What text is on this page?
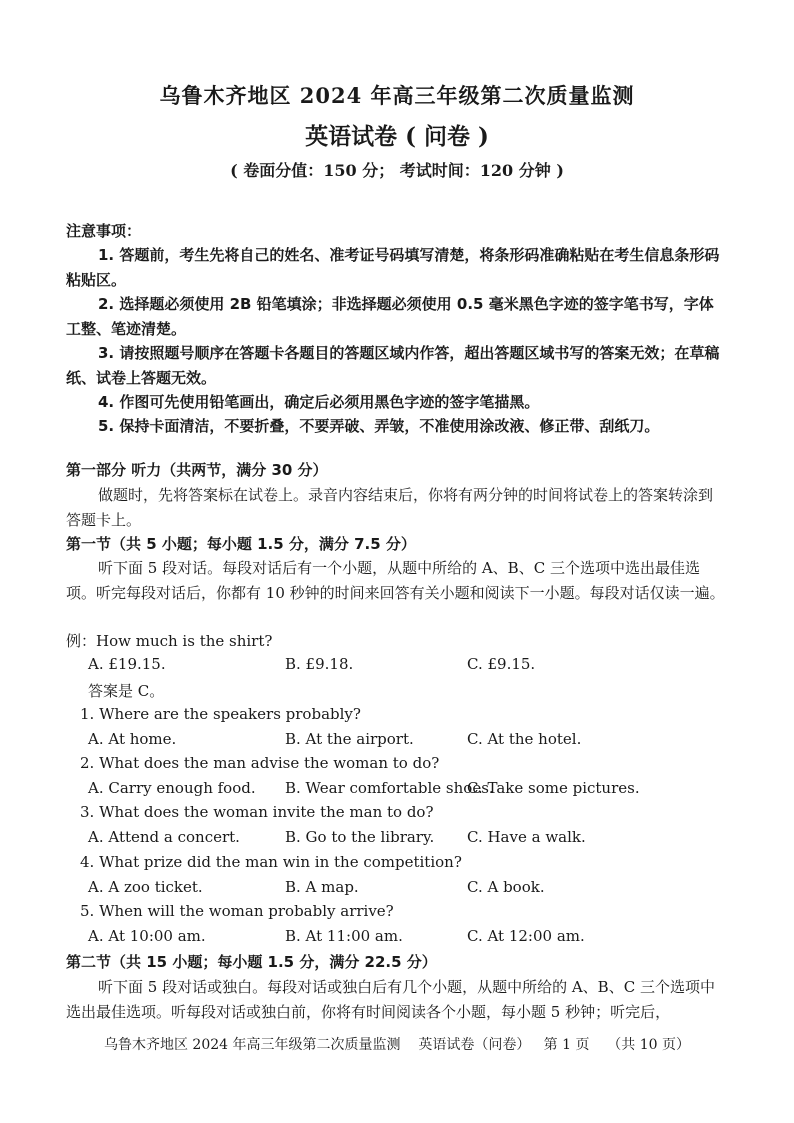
乌鲁木齐地区 2024 年高三年级第二次质量监测
英语试卷 ( 问卷 )
( 卷面分值：150 分； 考试时间：120 分钟 )
注意事项：
1. 答题前，考生先将自己的姓名、准考证号码填写清楚，将条形码准确粘贴在考生信息条形码粘贴区。
2. 选择题必须使用 2B 铅笔填涂；非选择题必须使用 0.5 毫米黑色字迹的签字笔书写，字体工整、笔迹清楚。
3. 请按照题号顺序在答题卡各题目的答题区域内作答，超出答题区域书写的答案无效；在草稿纸、试卷上答题无效。
4. 作图可先使用铅笔画出，确定后必须用黑色字迹的签字笔描黑。
5. 保持卡面清洁，不要折叠，不要弄破、弄皱，不准使用涂改液、修正带、刮纸刀。
第一部分 听力（共两节，满分 30 分）
做题时，先将答案标在试卷上。录音内容结束后，你将有两分钟的时间将试卷上的答案转涂到答题卡上。
第一节（共 5 小题；每小题 1.5 分，满分 7.5 分）
听下面 5 段对话。每段对话后有一个小题，从题中所给的 A、B、C 三个选项中选出最佳选项。听完每段对话后，你都有 10 秒钟的时间来回答有关小题和阅读下一小题。每段对话仅读一遍。
例：How much is the shirt?
A. £19.15.	B. £9.18.	C. £9.15.
答案是 C。
1. Where are the speakers probably?
A. At home.	B. At the airport.	C. At the hotel.
2. What does the man advise the woman to do?
A. Carry enough food. B. Wear comfortable shoes.
C. Take some pictures.
3. What does the woman invite the man to do?
A. Attend a concert.	B. Go to the library. C. Have a walk.
4. What prize did the man win in the competition?
A. A zoo ticket.	B. A map.	C. A book.
5. When will the woman probably arrive?
A. At 10:00 am.	B. At 11:00 am.	C. At 12:00 am.
第二节（共 15 小题；每小题 1.5 分，满分 22.5 分）
听下面 5 段对话或独白。每段对话或独白后有几个小题，从题中所给的 A、B、C 三个选项中选出最佳选项。听每段对话或独白前，你将有时间阅读各个小题，每小题 5 秒钟；听完后，
乌鲁木齐地区 2024 年高三年级第二次质量监测    英语试卷（问卷）   第 1 页    （共 10 页）
